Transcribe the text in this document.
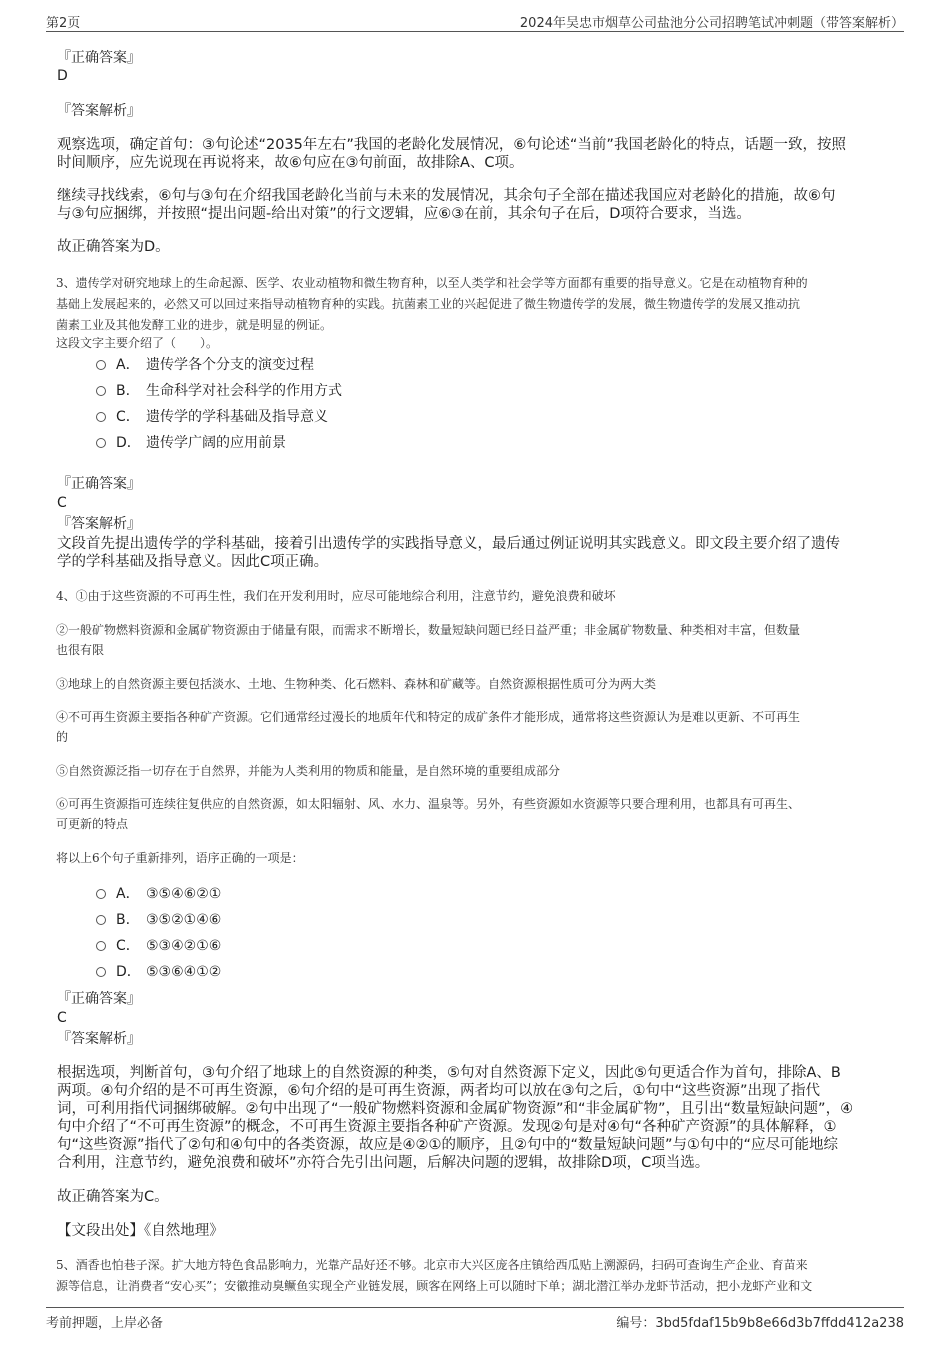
第2页	2024年吴忠市烟草公司盐池分公司招聘笔试冲刺题（带答案解析）
『正确答案』
D
『答案解析』
观察选项，确定首句：③句论述“2035年左右”我国的老龄化发展情况，⑥句论述“当前”我国老龄化的特点，话题一致，按照
时间顺序，应先说现在再说将来，故⑥句应在③句前面，故排除A、C项。
继续寻找线索，⑥句与③句在介绍我国老龄化当前与未来的发展情况，其余句子全部在描述我国应对老龄化的措施，故⑥句
与③句应捆绑，并按照“提出问题-给出对策”的行文逻辑，应⑥③在前，其余句子在后，D项符合要求，当选。
故正确答案为D。
3、遗传学对研究地球上的生命起源、医学、农业动植物和微生物育种，以至人类学和社会学等方面都有重要的指导意义。它是在动植物育种的
基础上发展起来的，必然又可以回过来指导动植物育种的实践。抗菌素工业的兴起促进了微生物遗传学的发展，微生物遗传学的发展又推动抗
菌素工业及其他发酵工业的进步，就是明显的例证。
这段文字主要介绍了（　　）。
A． 遗传学各个分支的演变过程
B. 生命科学对社会科学的作用方式
C． 遗传学的学科基础及指导意义
D． 遗传学广阔的应用前景
『正确答案』
C
『答案解析』
文段首先提出遗传学的学科基础，接着引出遗传学的实践指导意义，最后通过例证说明其实践意义。即文段主要介绍了遗传
学的学科基础及指导意义。因此C项正确。
4、①由于这些资源的不可再生性，我们在开发利用时，应尽可能地综合利用，注意节约，避免浪费和破坏
②一般矿物燃料资源和金属矿物资源由于储量有限，而需求不断增长，数量短缺问题已经日益严重；非金属矿物数量、种类相对丰富，但数量
也很有限
③地球上的自然资源主要包括淡水、土地、生物种类、化石燃料、森林和矿藏等。自然资源根据性质可分为两大类
④不可再生资源主要指各种矿产资源。它们通常经过漫长的地质年代和特定的成矿条件才能形成，通常将这些资源认为是难以更新、不可再生
的
⑤自然资源泛指一切存在于自然界，并能为人类利用的物质和能量，是自然环境的重要组成部分
⑥可再生资源指可连续往复供应的自然资源，如太阳辐射、风、水力、温泉等。另外，有些资源如水资源等只要合理利用，也都具有可再生、
可更新的特点
将以上6个句子重新排列，语序正确的一项是：
A． ③⑤④⑥②①
B. ③⑤②①④⑥
C． ⑤③④②①⑥
D． ⑤③⑥④①②
『正确答案』
C
『答案解析』
根据选项，判断首句，③句介绍了地球上的自然资源的种类，⑤句对自然资源下定义，因此⑤句更适合作为首句，排除A、B
两项。④句介绍的是不可再生资源，⑥句介绍的是可再生资源，两者均可以放在③句之后，①句中“这些资源”出现了指代
词，可利用指代词捆绑破解。②句中出现了“一般矿物燃料资源和金属矿物资源”和“非金属矿物”，且引出“数量短缺问题”，④
句中介绍了“不可再生资源”的概念，不可再生资源主要指各种矿产资源。发现②句是对④句“各种矿产资源”的具体解释，①
句“这些资源”指代了②句和④句中的各类资源，故应是④②①的顺序，且②句中的“数量短缺问题”与①句中的“应尽可能地综
合利用，注意节约，避免浪费和破坏”亦符合先引出问题，后解决问题的逻辑，故排除D项，C项当选。
故正确答案为C。
【文段出处】《自然地理》
5、酒香也怕巷子深。扩大地方特色食品影响力，光靠产品好还不够。北京市大兴区庞各庄镇给西瓜贴上溯源码，扫码可查询生产企业、育苗来
源等信息，让消费者“安心买”；安徽推动臭鳜鱼实现全产业链发展，顾客在网络上可以随时下单；湖北潜江举办龙虾节活动，把小龙虾产业和文
考前押题，上岸必备	编号：3bd5fdaf15b9b8e66d3b7ffdd412a238
